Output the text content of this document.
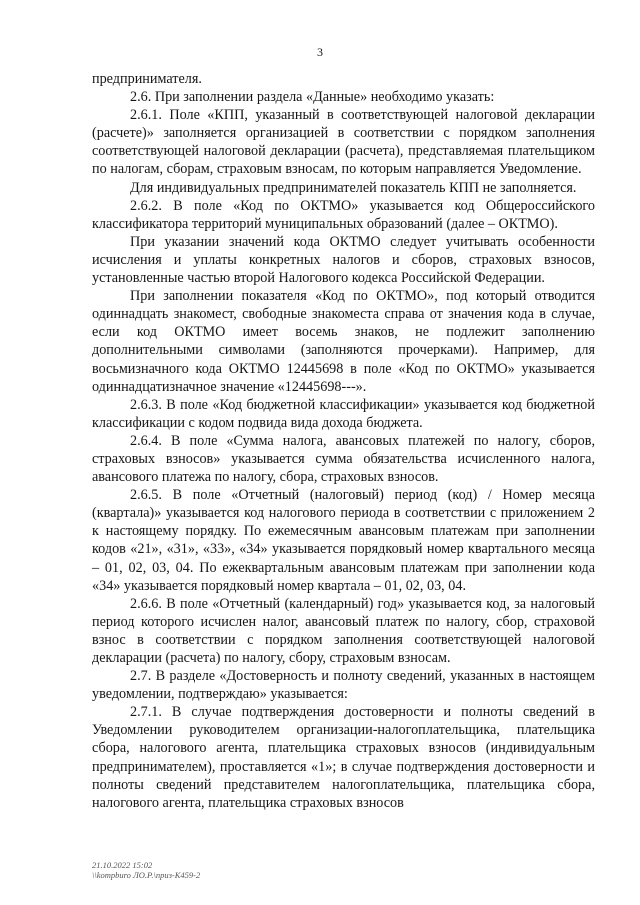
3

предпринимателя.

2.6. При заполнении раздела «Данные» необходимо указать:

2.6.1. Поле «КПП, указанный в соответствующей налоговой декларации (расчете)» заполняется организацией в соответствии с порядком заполнения соответствующей налоговой декларации (расчета), представляемая плательщиком по налогам, сборам, страховым взносам, по которым направляется Уведомление.

Для индивидуальных предпринимателей показатель КПП не заполняется.

2.6.2. В поле «Код по ОКТМО» указывается код Общероссийского классификатора территорий муниципальных образований (далее – ОКТМО).

При указании значений кода ОКТМО следует учитывать особенности исчисления и уплаты конкретных налогов и сборов, страховых взносов, установленные частью второй Налогового кодекса Российской Федерации.

При заполнении показателя «Код по ОКТМО», под который отводится одиннадцать знакомест, свободные знакоместа справа от значения кода в случае, если код ОКТМО имеет восемь знаков, не подлежит заполнению дополнительными символами (заполняются прочерками). Например, для восьмизначного кода ОКТМО 12445698 в поле «Код по ОКТМО» указывается одиннадцатизначное значение «12445698---».

2.6.3. В поле «Код бюджетной классификации» указывается код бюджетной классификации с кодом подвида вида дохода бюджета.

2.6.4. В поле «Сумма налога, авансовых платежей по налогу, сборов, страховых взносов» указывается сумма обязательства исчисленного налога, авансового платежа по налогу, сбора, страховых взносов.

2.6.5. В поле «Отчетный (налоговый) период (код) / Номер месяца (квартала)» указывается код налогового периода в соответствии с приложением 2 к настоящему порядку. По ежемесячным авансовым платежам при заполнении кодов «21», «31», «33», «34» указывается порядковый номер квартального месяца – 01, 02, 03, 04. По ежеквартальным авансовым платежам при заполнении кода «34» указывается порядковый номер квартала – 01, 02, 03, 04.

2.6.6. В поле «Отчетный (календарный) год» указывается код, за налоговый период которого исчислен налог, авансовый платеж по налогу, сбор, страховой взнос в соответствии с порядком заполнения соответствующей налоговой декларации (расчета) по налогу, сбору, страховым взносам.

2.7. В разделе «Достоверность и полноту сведений, указанных в настоящем уведомлении, подтверждаю» указывается:

2.7.1. В случае подтверждения достоверности и полноты сведений в Уведомлении руководителем организации-налогоплательщика, плательщика сбора, налогового агента, плательщика страховых взносов (индивидуальным предпринимателем), проставляется «1»; в случае подтверждения достоверности и полноты сведений представителем налогоплательщика, плательщика сбора, налогового агента, плательщика страховых взносов

21.10.2022 15:02
\\kompburo ЛО.Р.\приз-К459-2
